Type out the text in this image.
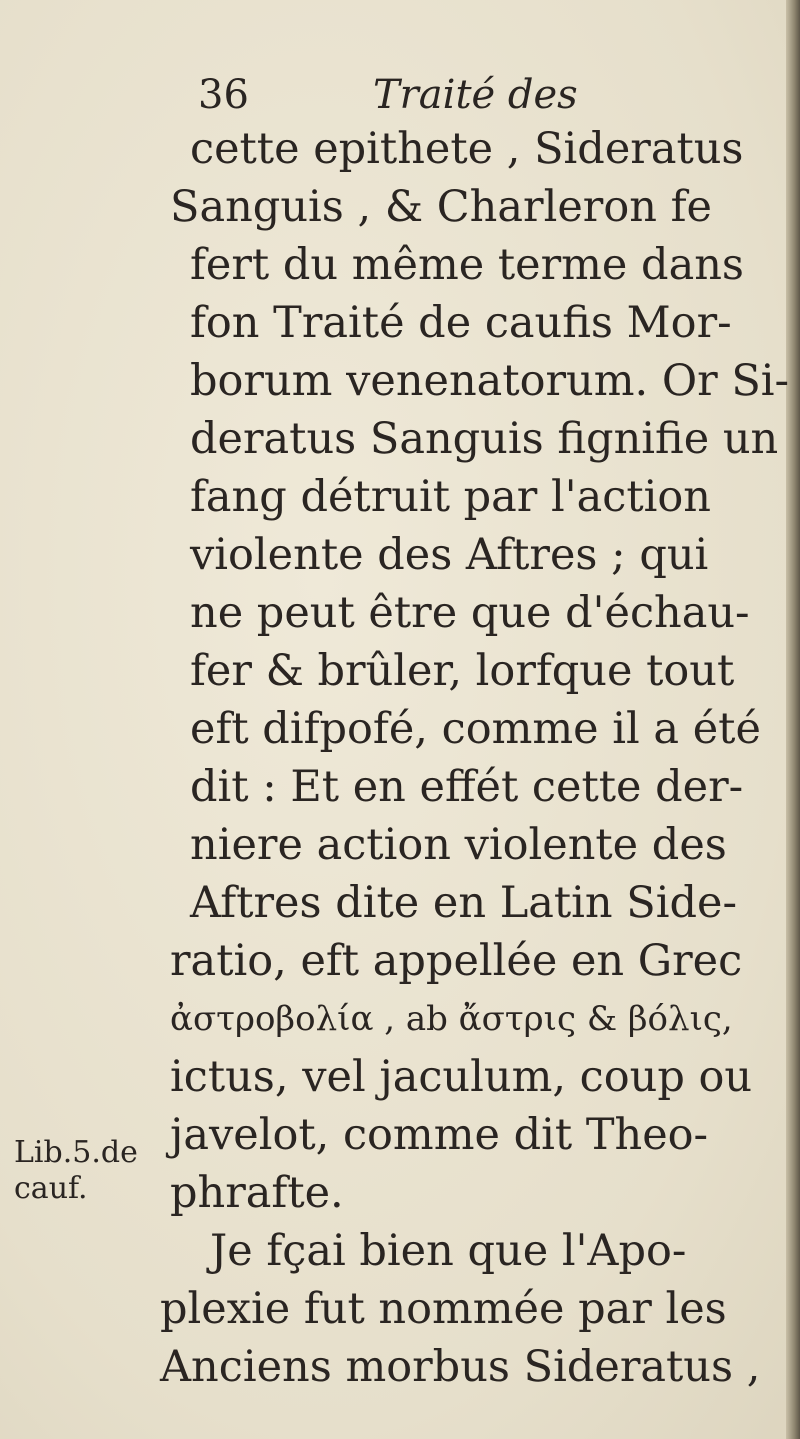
36	Traité des
cette epithete , Sideratus
Sanguis , & Charleron fe
fert du même terme dans
fon Traité de caufis Mor-
borum venenatorum. Or Si-
deratus Sanguis fignifie un
fang détruit par l'action
violente des Aftres ; qui
ne peut être que d'échau-
fer & brûler, lorfque tout
eft difpofé, comme il a été
dit : Et en effét cette der-
niere action violente des
Aftres dite en Latin Side-
ratio, eft appellée en Grec
ἀστροβολία , ab ἄστρις & βόλις,
ictus, vel jaculum, coup ou
javelot, comme dit Theo-
phrafte.
Je fçai bien que l'Apo-
plexie fut nommée par les
Anciens morbus Sideratus ,
Lib.5.de
cauf.
